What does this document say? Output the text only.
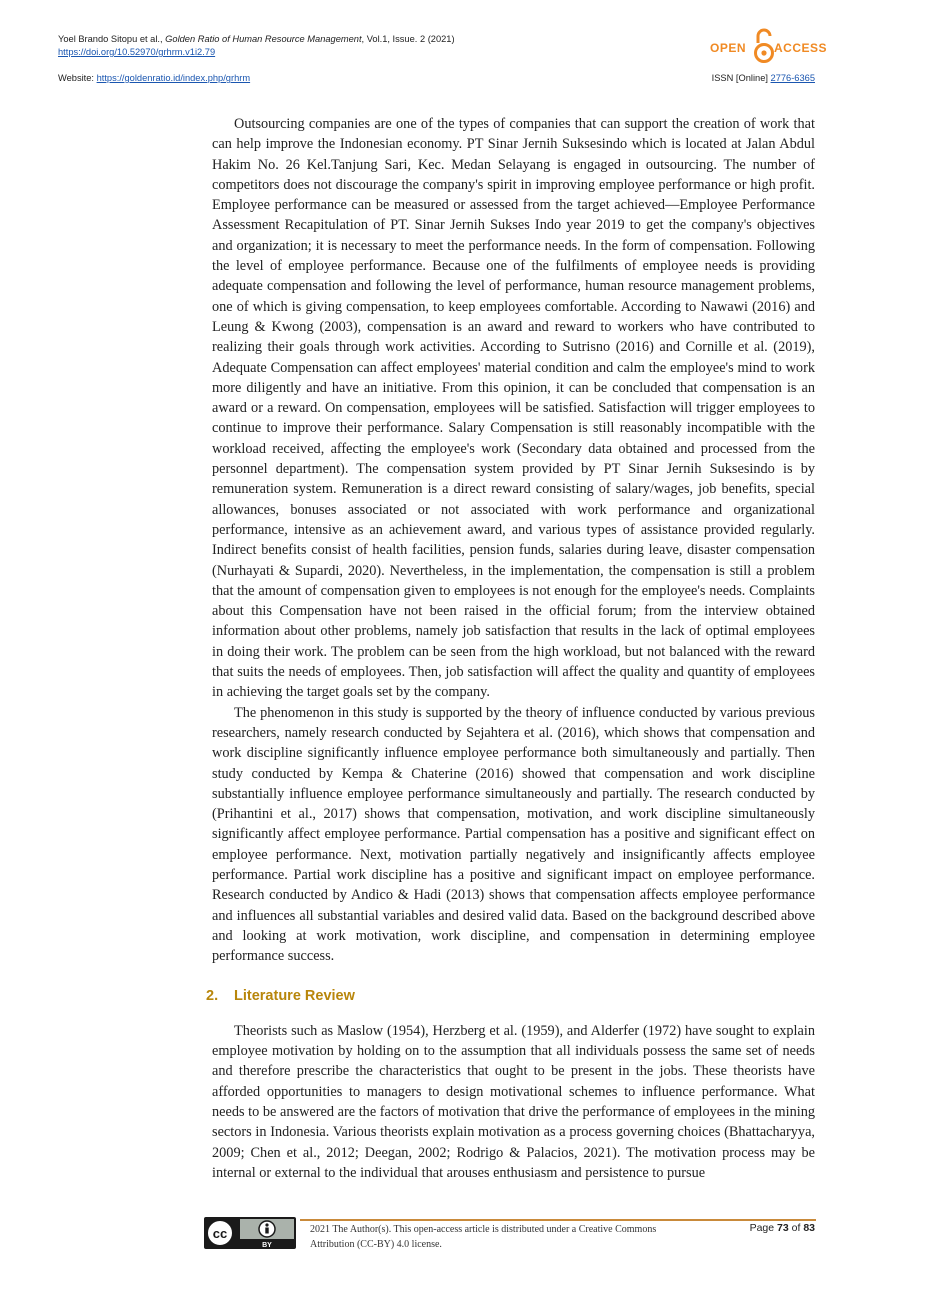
Yoel Brando Sitopu et al., Golden Ratio of Human Resource Management, Vol.1, Issue. 2 (2021)
https://doi.org/10.52970/grhrm.v1i2.79
Website: https://goldenratio.id/index.php/grhrm	ISSN [Online] 2776-6365
OPEN ACCESS

Outsourcing companies are one of the types of companies that can support the creation of work that can help improve the Indonesian economy. PT Sinar Jernih Suksesindo which is located at Jalan Abdul Hakim No. 26 Kel.Tanjung Sari, Kec. Medan Selayang is engaged in outsourcing. The number of competitors does not discourage the company's spirit in improving employee performance or high profit. Employee performance can be measured or assessed from the target achieved—Employee Performance Assessment Recapitulation of PT. Sinar Jernih Sukses Indo year 2019 to get the company's objectives and organization; it is necessary to meet the performance needs. In the form of compensation. Following the level of employee performance. Because one of the fulfilments of employee needs is providing adequate compensation and following the level of performance, human resource management problems, one of which is giving compensation, to keep employees comfortable. According to Nawawi (2016) and Leung & Kwong (2003), compensation is an award and reward to workers who have contributed to realizing their goals through work activities. According to Sutrisno (2016) and Cornille et al. (2019), Adequate Compensation can affect employees' material condition and calm the employee's mind to work more diligently and have an initiative. From this opinion, it can be concluded that compensation is an award or a reward. On compensation, employees will be satisfied. Satisfaction will trigger employees to continue to improve their performance. Salary Compensation is still reasonably incompatible with the workload received, affecting the employee's work (Secondary data obtained and processed from the personnel department). The compensation system provided by PT Sinar Jernih Suksesindo is by remuneration system. Remuneration is a direct reward consisting of salary/wages, job benefits, special allowances, bonuses associated or not associated with work performance and organizational performance, intensive as an achievement award, and various types of assistance provided regularly. Indirect benefits consist of health facilities, pension funds, salaries during leave, disaster compensation (Nurhayati & Supardi, 2020). Nevertheless, in the implementation, the compensation is still a problem that the amount of compensation given to employees is not enough for the employee's needs. Complaints about this Compensation have not been raised in the official forum; from the interview obtained information about other problems, namely job satisfaction that results in the lack of optimal employees in doing their work. The problem can be seen from the high workload, but not balanced with the reward that suits the needs of employees. Then, job satisfaction will affect the quality and quantity of employees in achieving the target goals set by the company.

The phenomenon in this study is supported by the theory of influence conducted by various previous researchers, namely research conducted by Sejahtera et al. (2016), which shows that compensation and work discipline significantly influence employee performance both simultaneously and partially. Then study conducted by Kempa & Chaterine (2016) showed that compensation and work discipline substantially influence employee performance simultaneously and partially. The research conducted by (Prihantini et al., 2017) shows that compensation, motivation, and work discipline simultaneously significantly affect employee performance. Partial compensation has a positive and significant effect on employee performance. Next, motivation partially negatively and insignificantly affects employee performance. Partial work discipline has a positive and significant impact on employee performance. Research conducted by Andico & Hadi (2013) shows that compensation affects employee performance and influences all substantial variables and desired valid data. Based on the background described above and looking at work motivation, work discipline, and compensation in determining employee performance success.

2. Literature Review

Theorists such as Maslow (1954), Herzberg et al. (1959), and Alderfer (1972) have sought to explain employee motivation by holding on to the assumption that all individuals possess the same set of needs and therefore prescribe the characteristics that ought to be present in the jobs. These theorists have afforded opportunities to managers to design motivational schemes to influence performance. What needs to be answered are the factors of motivation that drive the performance of employees in the mining sectors in Indonesia. Various theorists explain motivation as a process governing choices (Bhattacharyya, 2009; Chen et al., 2012; Deegan, 2002; Rodrigo & Palacios, 2021). The motivation process may be internal or external to the individual that arouses enthusiasm and persistence to pursue

cc
BY
2021 The Author(s). This open-access article is distributed under a Creative Commons
Attribution (CC-BY) 4.0 license.
Page 73 of 83
